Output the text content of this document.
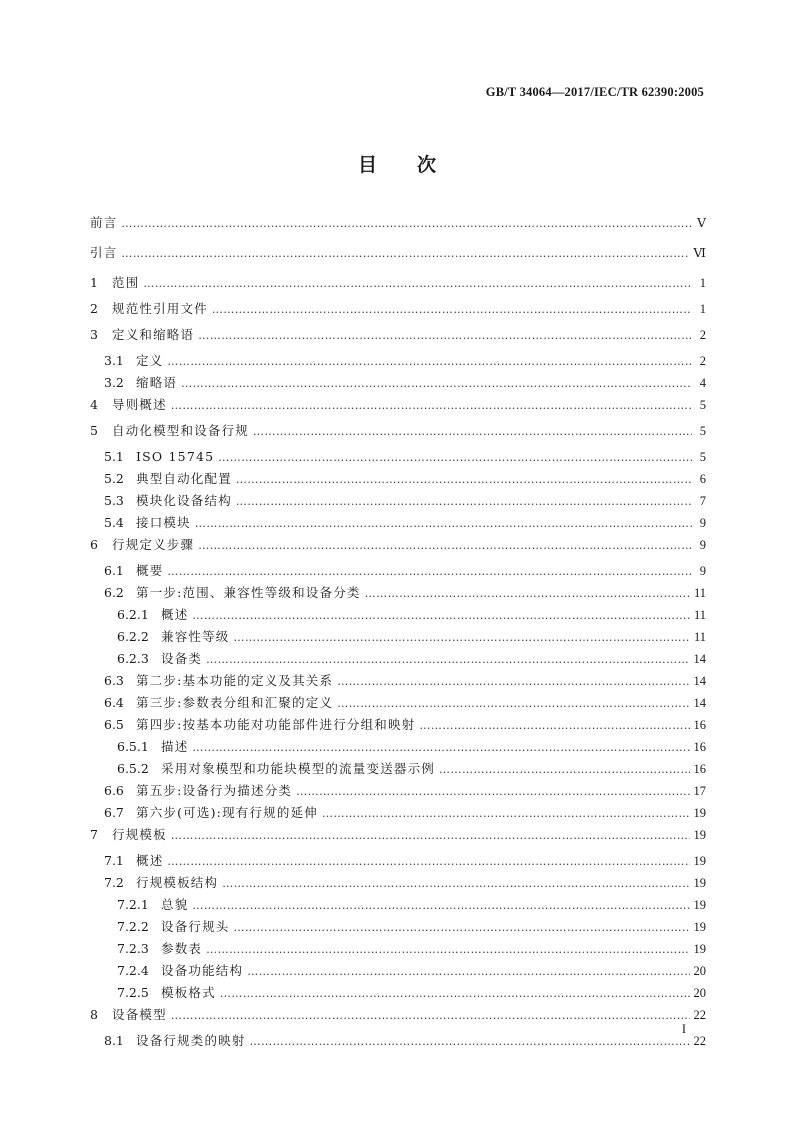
GB/T 34064—2017/IEC/TR 62390:2005
目 次
前言 …………………………………………………………………………………………………………………………………………………………………………………………………………	Ⅴ
引言 …………………………………………………………………………………………………………………………………………………………………………………………………………	Ⅵ
1	范围 …………………………………………………………………………………………………………………………………………………………………………………………………………	1
2	规范性引用文件 …………………………………………………………………………………………………………………………………………………………………………………………………………	1
3	定义和缩略语 …………………………………………………………………………………………………………………………………………………………………………………………………………	2
3.1 定义 …………………………………………………………………………………………………………………………………………………………………………………………………………	2
3.2 缩略语 …………………………………………………………………………………………………………………………………………………………………………………………………………	4
4	导则概述 …………………………………………………………………………………………………………………………………………………………………………………………………………	5
5	自动化模型和设备行规 …………………………………………………………………………………………………………………………………………………………………………………………………………	5
5.1 ISO 15745 …………………………………………………………………………………………………………………………………………………………………………………………………………	5
5.2 典型自动化配置 …………………………………………………………………………………………………………………………………………………………………………………………………………	6
5.3 模块化设备结构 …………………………………………………………………………………………………………………………………………………………………………………………………………	7
5.4 接口模块 …………………………………………………………………………………………………………………………………………………………………………………………………………	9
6	行规定义步骤 …………………………………………………………………………………………………………………………………………………………………………………………………………	9
6.1 概要 …………………………………………………………………………………………………………………………………………………………………………………………………………	9
6.2 第一步:范围、兼容性等级和设备分类 …………………………………………………………………………………………………………………………………………………………………………………………………………	11
6.2.1 概述 …………………………………………………………………………………………………………………………………………………………………………………………………………	11
6.2.2 兼容性等级 …………………………………………………………………………………………………………………………………………………………………………………………………………	11
6.2.3 设备类 …………………………………………………………………………………………………………………………………………………………………………………………………………	14
6.3 第二步:基本功能的定义及其关系 …………………………………………………………………………………………………………………………………………………………………………………………………………	14
6.4 第三步:参数表分组和汇聚的定义 …………………………………………………………………………………………………………………………………………………………………………………………………………	14
6.5 第四步:按基本功能对功能部件进行分组和映射 …………………………………………………………………………………………………………………………………………………………………………………………………………	16
6.5.1 描述 …………………………………………………………………………………………………………………………………………………………………………………………………………	16
6.5.2 采用对象模型和功能块模型的流量变送器示例 …………………………………………………………………………………………………………………………………………………………………………………………………………	16
6.6 第五步:设备行为描述分类 …………………………………………………………………………………………………………………………………………………………………………………………………………	17
6.7 第六步(可选):现有行规的延伸 …………………………………………………………………………………………………………………………………………………………………………………………………………	19
7	行规模板 …………………………………………………………………………………………………………………………………………………………………………………………………………	19
7.1 概述 …………………………………………………………………………………………………………………………………………………………………………………………………………	19
7.2 行规模板结构 …………………………………………………………………………………………………………………………………………………………………………………………………………	19
7.2.1 总貌 …………………………………………………………………………………………………………………………………………………………………………………………………………	19
7.2.2 设备行规头 …………………………………………………………………………………………………………………………………………………………………………………………………………	19
7.2.3 参数表 …………………………………………………………………………………………………………………………………………………………………………………………………………	19
7.2.4 设备功能结构 …………………………………………………………………………………………………………………………………………………………………………………………………………	20
7.2.5 模板格式 …………………………………………………………………………………………………………………………………………………………………………………………………………	20
8	设备模型 …………………………………………………………………………………………………………………………………………………………………………………………………………	22
8.1 设备行规类的映射 …………………………………………………………………………………………………………………………………………………………………………………………………………	22
I
